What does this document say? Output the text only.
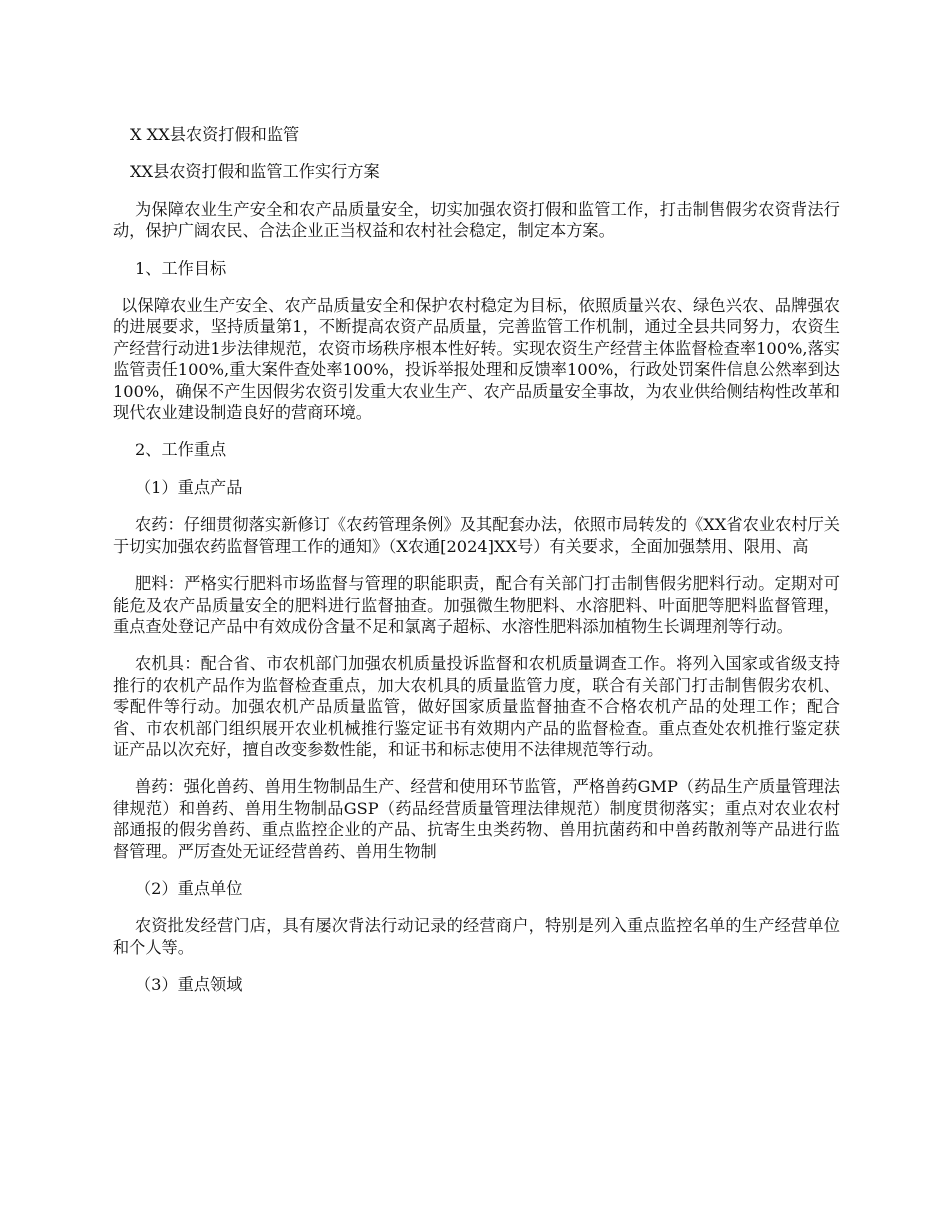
X XX县农资打假和监管

XX县农资打假和监管工作实行方案

为保障农业生产安全和农产品质量安全，切实加强农资打假和监管工作，打击制售假劣农资背法行动，保护广阔农民、合法企业正当权益和农村社会稳定，制定本方案。

1、工作目标

以保障农业生产安全、农产品质量安全和保护农村稳定为目标，依照质量兴农、绿色兴农、品牌强农的进展要求，坚持质量第1，不断提高农资产品质量，完善监管工作机制，通过全县共同努力，农资生产经营行动进1步法律规范，农资市场秩序根本性好转。实现农资生产经营主体监督检查率100%,落实监管责任100%,重大案件查处率100%，投诉举报处理和反馈率100%，行政处罚案件信息公然率到达100%，确保不产生因假劣农资引发重大农业生产、农产品质量安全事故，为农业供给侧结构性改革和现代农业建设制造良好的营商环境。

2、工作重点

（1）重点产品

农药：仔细贯彻落实新修订《农药管理条例》及其配套办法，依照市局转发的《XX省农业农村厅关于切实加强农药监督管理工作的通知》（X农通[2024]XX号）有关要求，全面加强禁用、限用、高

肥料：严格实行肥料市场监督与管理的职能职责，配合有关部门打击制售假劣肥料行动。定期对可能危及农产品质量安全的肥料进行监督抽查。加强微生物肥料、水溶肥料、叶面肥等肥料监督管理，重点查处登记产品中有效成份含量不足和氯离子超标、水溶性肥料添加植物生长调理剂等行动。

农机具：配合省、市农机部门加强农机质量投诉监督和农机质量调查工作。将列入国家或省级支持推行的农机产品作为监督检查重点，加大农机具的质量监管力度，联合有关部门打击制售假劣农机、零配件等行动。加强农机产品质量监管，做好国家质量监督抽查不合格农机产品的处理工作；配合省、市农机部门组织展开农业机械推行鉴定证书有效期内产品的监督检查。重点查处农机推行鉴定获证产品以次充好，擅自改变参数性能，和证书和标志使用不法律规范等行动。

兽药：强化兽药、兽用生物制品生产、经营和使用环节监管，严格兽药GMP（药品生产质量管理法律规范）和兽药、兽用生物制品GSP（药品经营质量管理法律规范）制度贯彻落实；重点对农业农村部通报的假劣兽药、重点监控企业的产品、抗寄生虫类药物、兽用抗菌药和中兽药散剂等产品进行监督管理。严厉查处无证经营兽药、兽用生物制

（2）重点单位

农资批发经营门店，具有屡次背法行动记录的经营商户，特别是列入重点监控名单的生产经营单位和个人等。

（3）重点领域
